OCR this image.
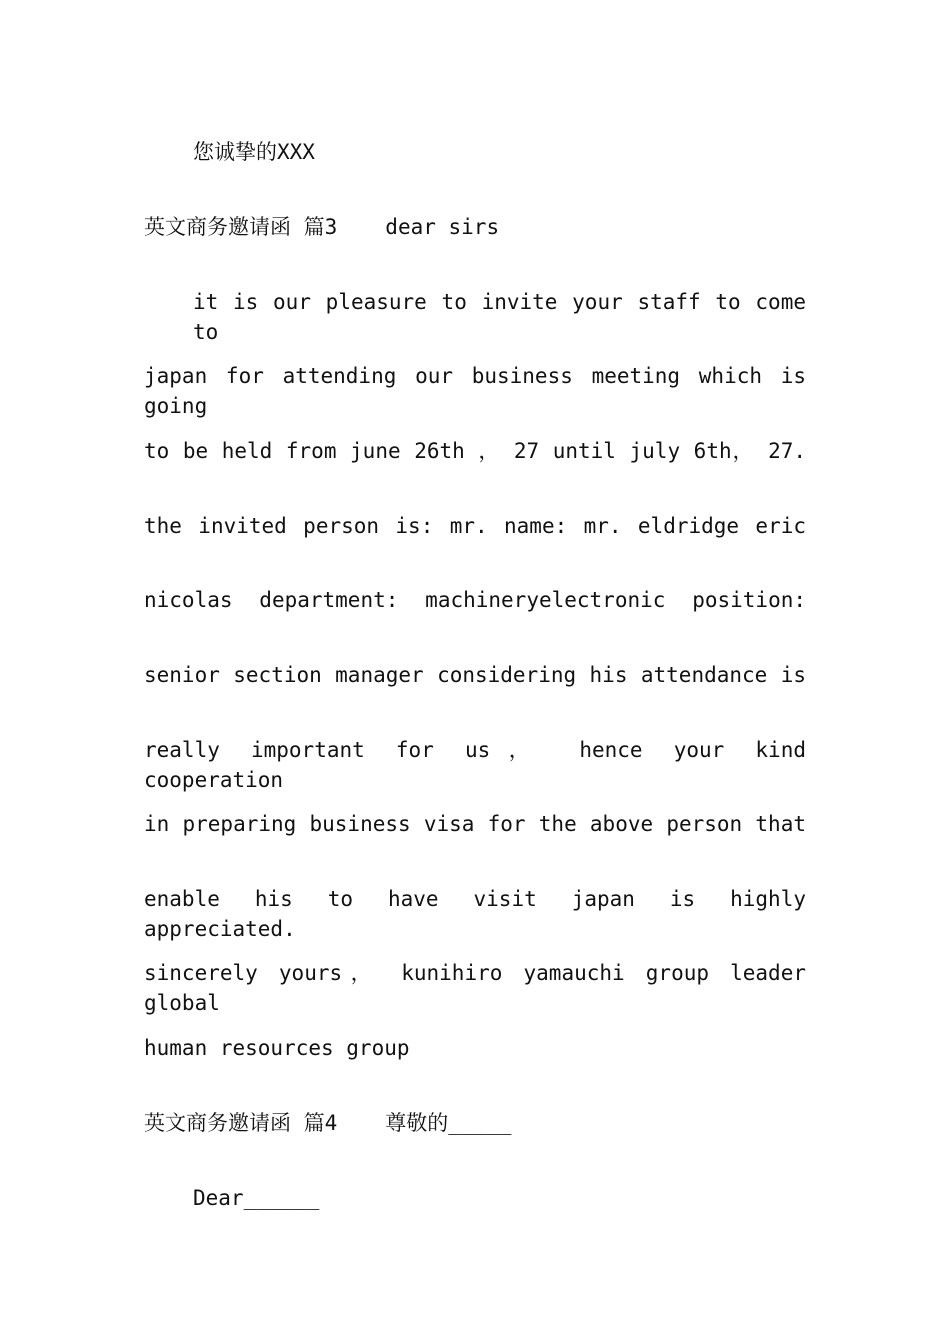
您诚挚的XXX
英文商务邀请函 篇3 dear sirs
it is our pleasure to invite your staff to come to
japan for attending our business meeting which is going
to be held from june 26th ， 27 until july 6th， 27.
the invited person is: mr. name: mr. eldridge eric
nicolas department: machineryelectronic position:
senior section manager considering his attendance is
really important for us， hence your kind cooperation
in preparing business visa for the above person that
enable his to have visit japan is highly appreciated.
sincerely yours， kunihiro yamauchi group leader global
human resources group
英文商务邀请函 篇4 尊敬的_____
Dear______
